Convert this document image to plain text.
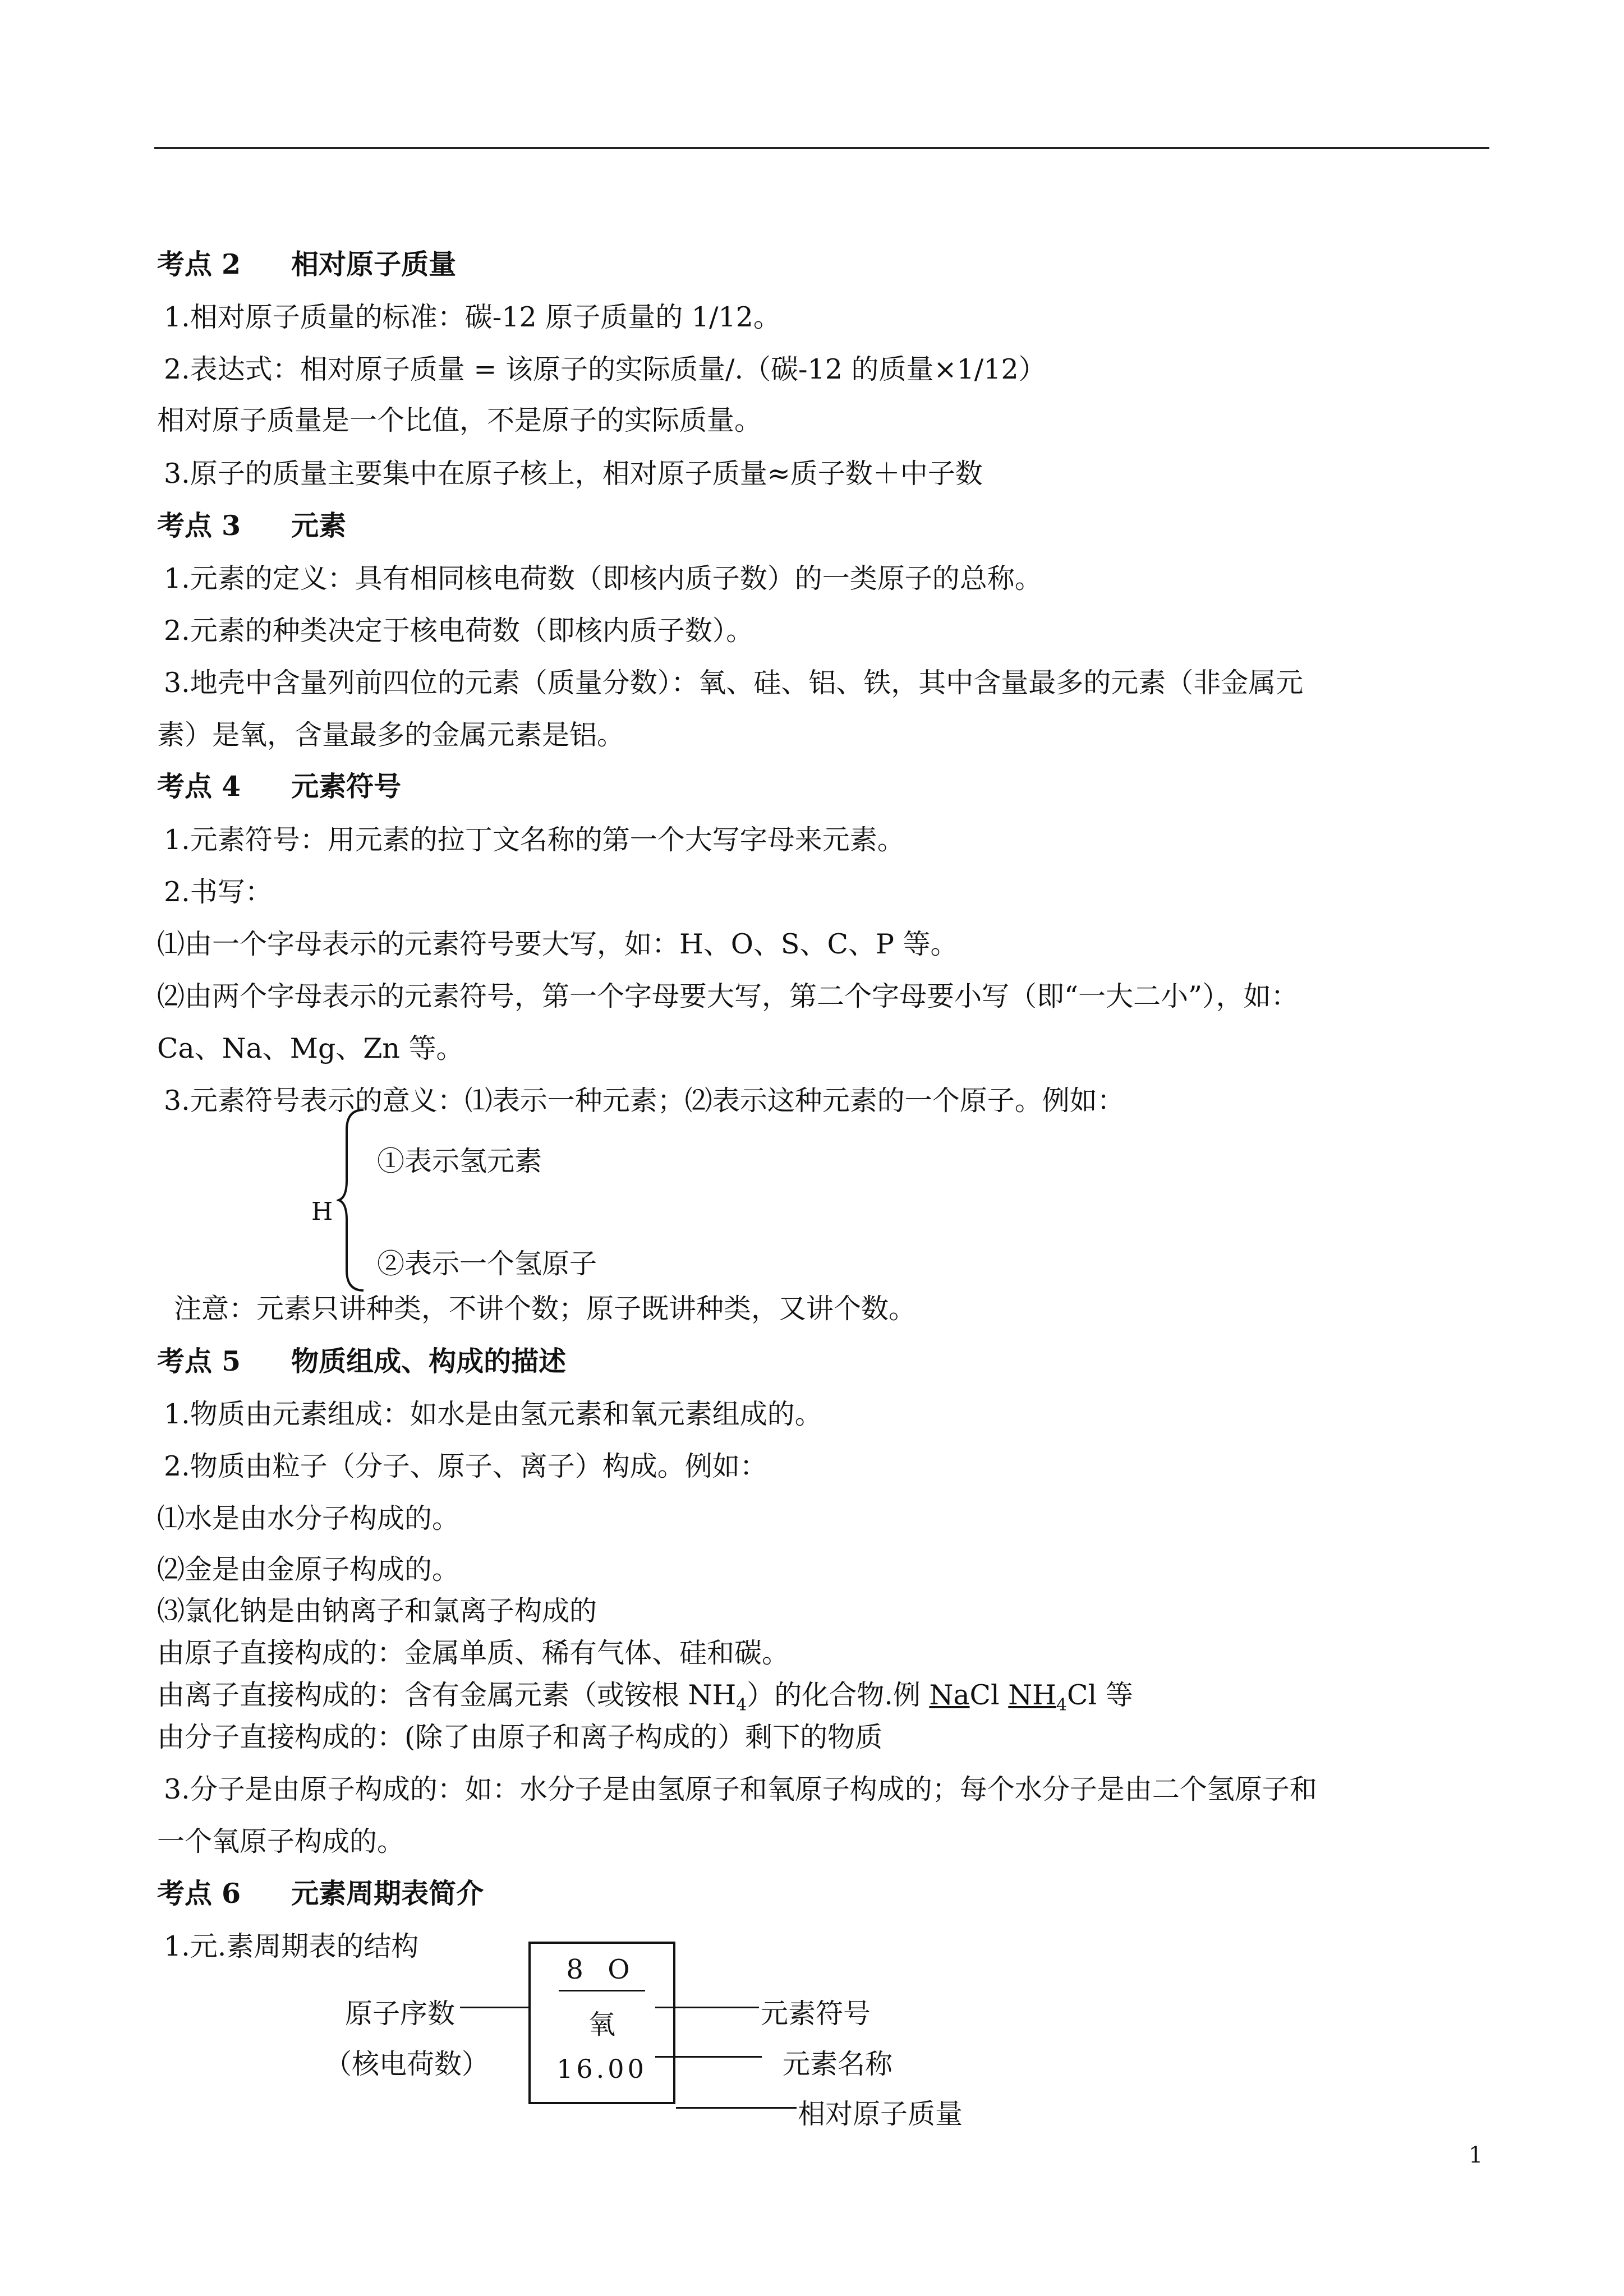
考点 2 相对原子质量
1.相对原子质量的标准：碳-12 原子质量的 1/12。
2.表达式：相对原子质量 = 该原子的实际质量/.（碳-12 的质量×1/12）
相对原子质量是一个比值，不是原子的实际质量。
3.原子的质量主要集中在原子核上，相对原子质量≈质子数＋中子数
考点 3 元素
1.元素的定义：具有相同核电荷数（即核内质子数）的一类原子的总称。
2.元素的种类决定于核电荷数（即核内质子数）。
3.地壳中含量列前四位的元素（质量分数）：氧、硅、铝、铁，其中含量最多的元素（非金属元
素）是氧，含量最多的金属元素是铝。
考点 4 元素符号
1.元素符号：用元素的拉丁文名称的第一个大写字母来元素。
2.书写：
⑴由一个字母表示的元素符号要大写，如：H、O、S、C、P 等。
⑵由两个字母表示的元素符号，第一个字母要大写，第二个字母要小写（即“一大二小”），如：
Ca、Na、Mg、Zn 等。
3.元素符号表示的意义：⑴表示一种元素；⑵表示这种元素的一个原子。例如：
H
①表示氢元素
②表示一个氢原子
注意：元素只讲种类，不讲个数；原子既讲种类，又讲个数。
考点 5 物质组成、构成的描述
1.物质由元素组成：如水是由氢元素和氧元素组成的。
2.物质由粒子（分子、原子、离子）构成。例如：
⑴水是由水分子构成的。
⑵金是由金原子构成的。
⑶氯化钠是由钠离子和氯离子构成的
由原子直接构成的：金属单质、稀有气体、硅和碳。
由离子直接构成的：含有金属元素（或铵根 $NH_4$）的化合物.例 NaCl $NH_4Cl$ 等
由分子直接构成的：(除了由原子和离子构成的）剩下的物质
3.分子是由原子构成的：如：水分子是由氢原子和氧原子构成的；每个水分子是由二个氢原子和
一个氧原子构成的。
考点 6 元素周期表简介
1.元.素周期表的结构
8 O
氧
16.00
原子序数
（核电荷数）
元素符号
元素名称
相对原子质量
1
